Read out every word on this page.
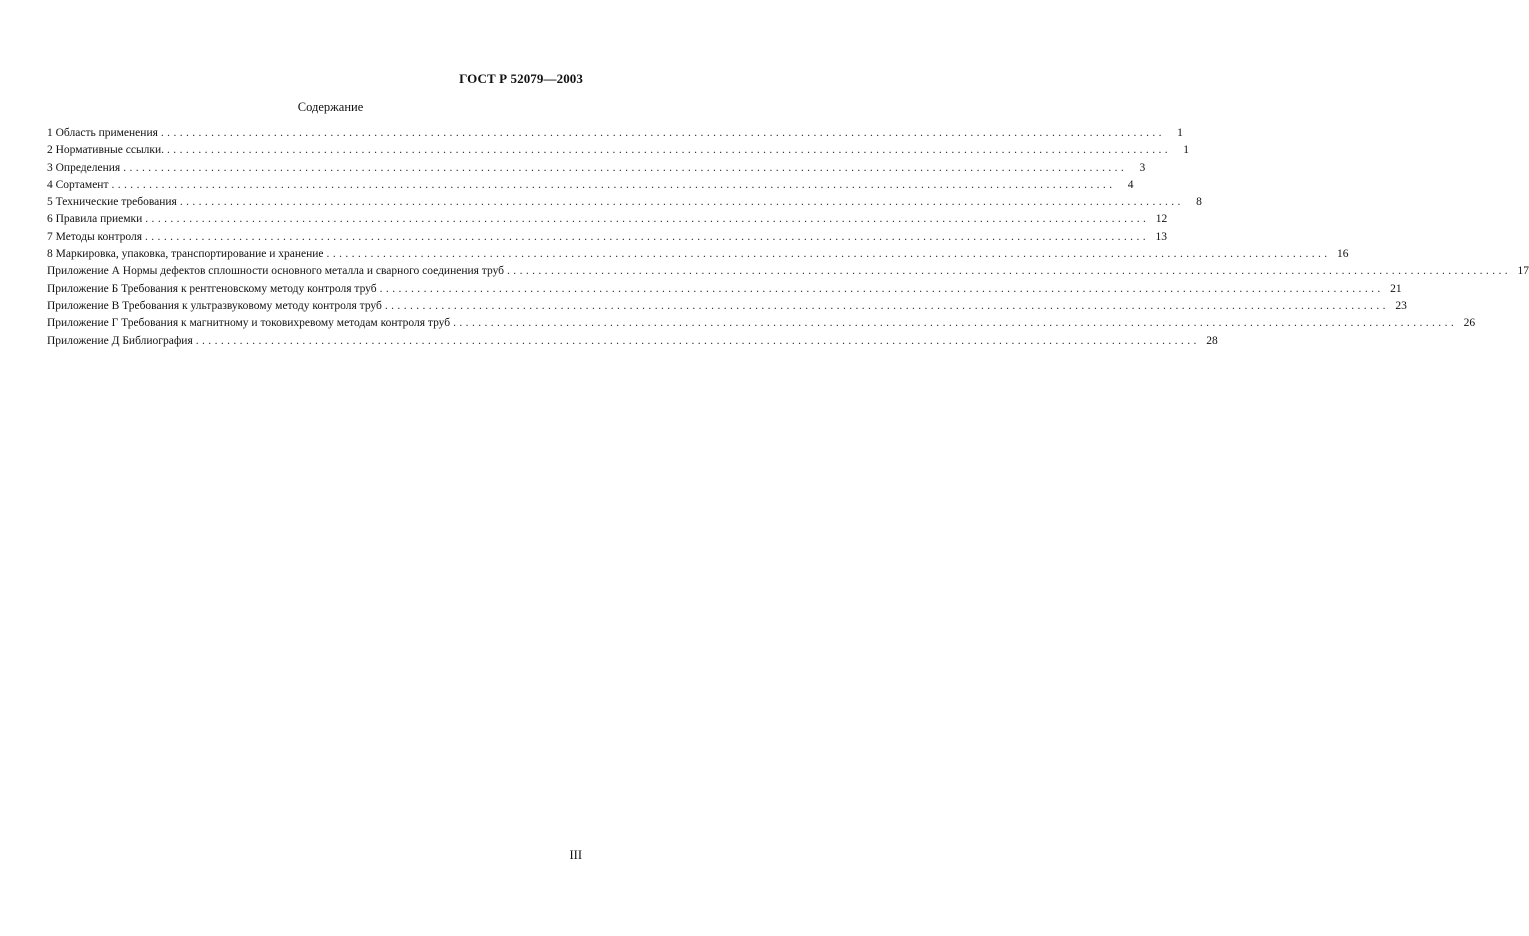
ГОСТ Р 52079—2003
Содержание
1 Область применения ................................................................................................................................................................	1
2 Нормативные ссылки. ................................................................................................................................................................	1
3 Определения ................................................................................................................................................................	3
4 Сортамент ................................................................................................................................................................	4
5 Технические требования ................................................................................................................................................................	8
6 Правила приемки ................................................................................................................................................................ 12
7 Методы контроля ................................................................................................................................................................ 13
8 Маркировка, упаковка, транспортирование и хранение ................................................................................................................................................................ 16
Приложение А Нормы дефектов сплошности основного металла и сварного соединения труб ................................................................................................................................................................ 17
Приложение Б Требования к рентгеновскому методу контроля труб ................................................................................................................................................................ 21
Приложение В Требования к ультразвуковому методу контроля труб ................................................................................................................................................................ 23
Приложение Г Требования к магнитному и токовихревому методам контроля труб ................................................................................................................................................................ 26
Приложение Д Библиография ................................................................................................................................................................ 28
III
